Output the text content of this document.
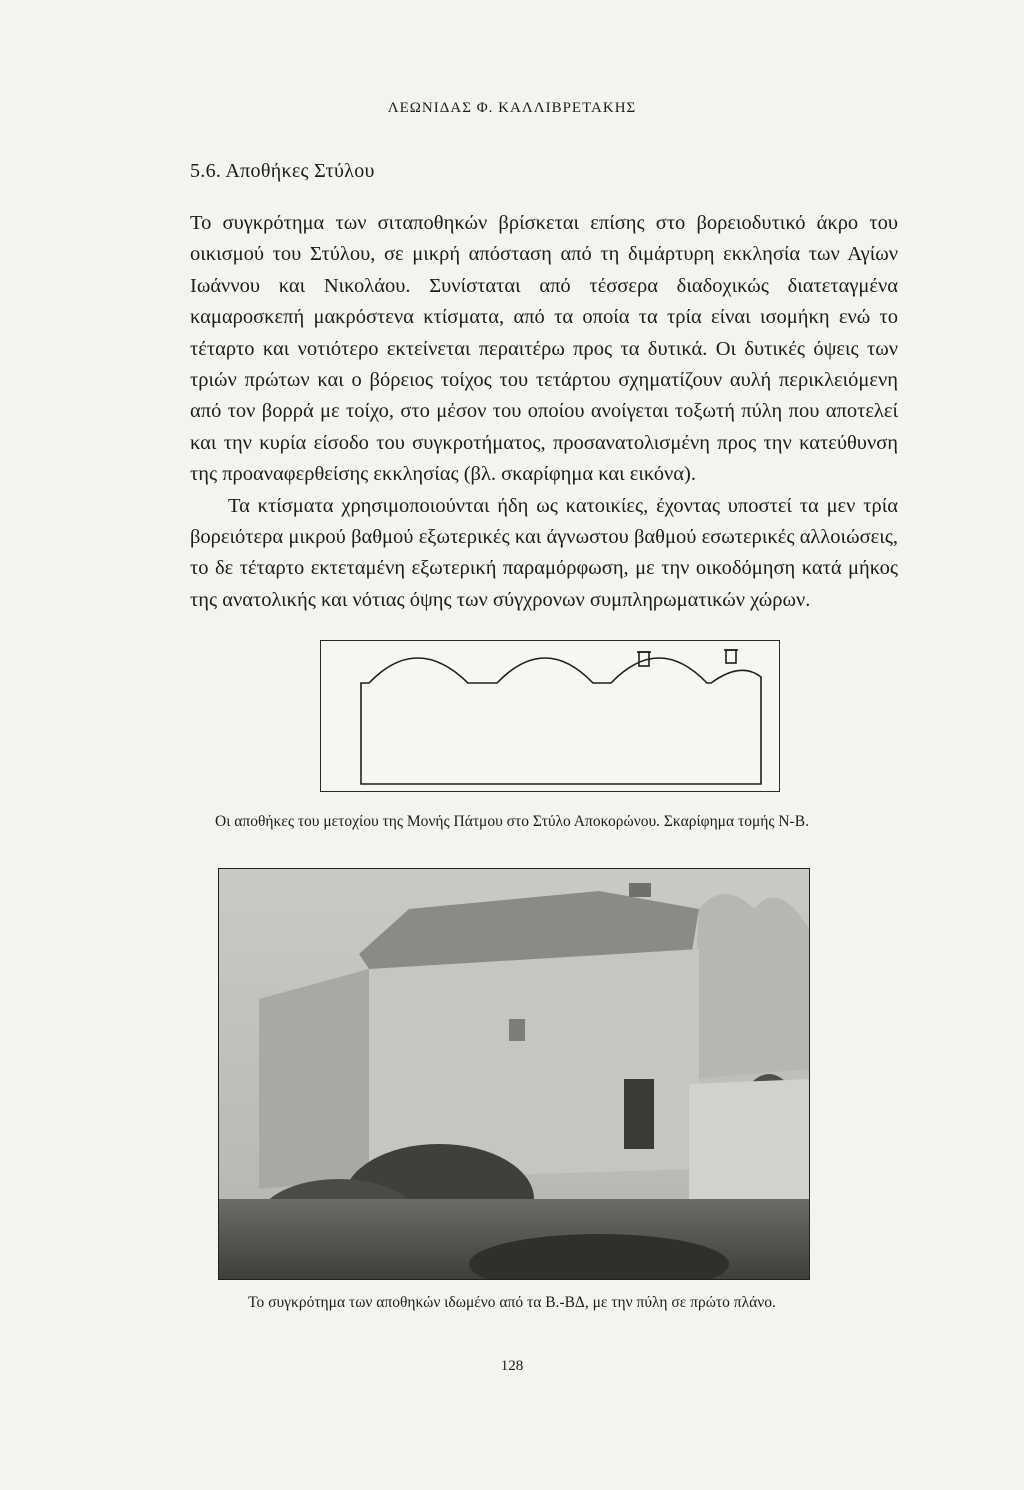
ΛΕΩΝΙΔΑΣ Φ. ΚΑΛΛΙΒΡΕΤΑΚΗΣ
5.6. Αποθήκες Στύλου

Το συγκρότημα των σιταποθηκών βρίσκεται επίσης στο βορειοδυτικό άκρο του οικισμού του Στύλου, σε μικρή απόσταση από τη διμάρτυρη εκκλησία των Αγίων Ιωάννου και Νικολάου. Συνίσταται από τέσσερα διαδοχικώς διατεταγμένα καμαροσκεπή μακρόστενα κτίσματα, από τα οποία τα τρία είναι ισομήκη ενώ το τέταρτο και νοτιότερο εκτείνεται περαιτέρω προς τα δυτικά. Οι δυτικές όψεις των τριών πρώτων και ο βόρειος τοίχος του τετάρτου σχηματίζουν αυλή περικλειόμενη από τον βορρά με τοίχο, στο μέσον του οποίου ανοίγεται τοξωτή πύλη που αποτελεί και την κυρία είσοδο του συγκροτήματος, προσανατολισμένη προς την κατεύθυνση της προαναφερθείσης εκκλησίας (βλ. σκαρίφημα και εικόνα).

Τα κτίσματα χρησιμοποιούνται ήδη ως κατοικίες, έχοντας υποστεί τα μεν τρία βορειότερα μικρού βαθμού εξωτερικές και άγνωστου βαθμού εσωτερικές αλλοιώσεις, το δε τέταρτο εκτεταμένη εξωτερική παραμόρφωση, με την οικοδόμηση κατά μήκος της ανατολικής και νότιας όψης των σύγχρονων συμπληρωματικών χώρων.

Οι αποθήκες του μετοχίου της Μονής Πάτμου στο Στύλο Αποκορώνου. Σκαρίφημα τομής Ν-Β.
Το συγκρότημα των αποθηκών ιδωμένο από τα Β.-ΒΔ, με την πύλη σε πρώτο πλάνο.
128
